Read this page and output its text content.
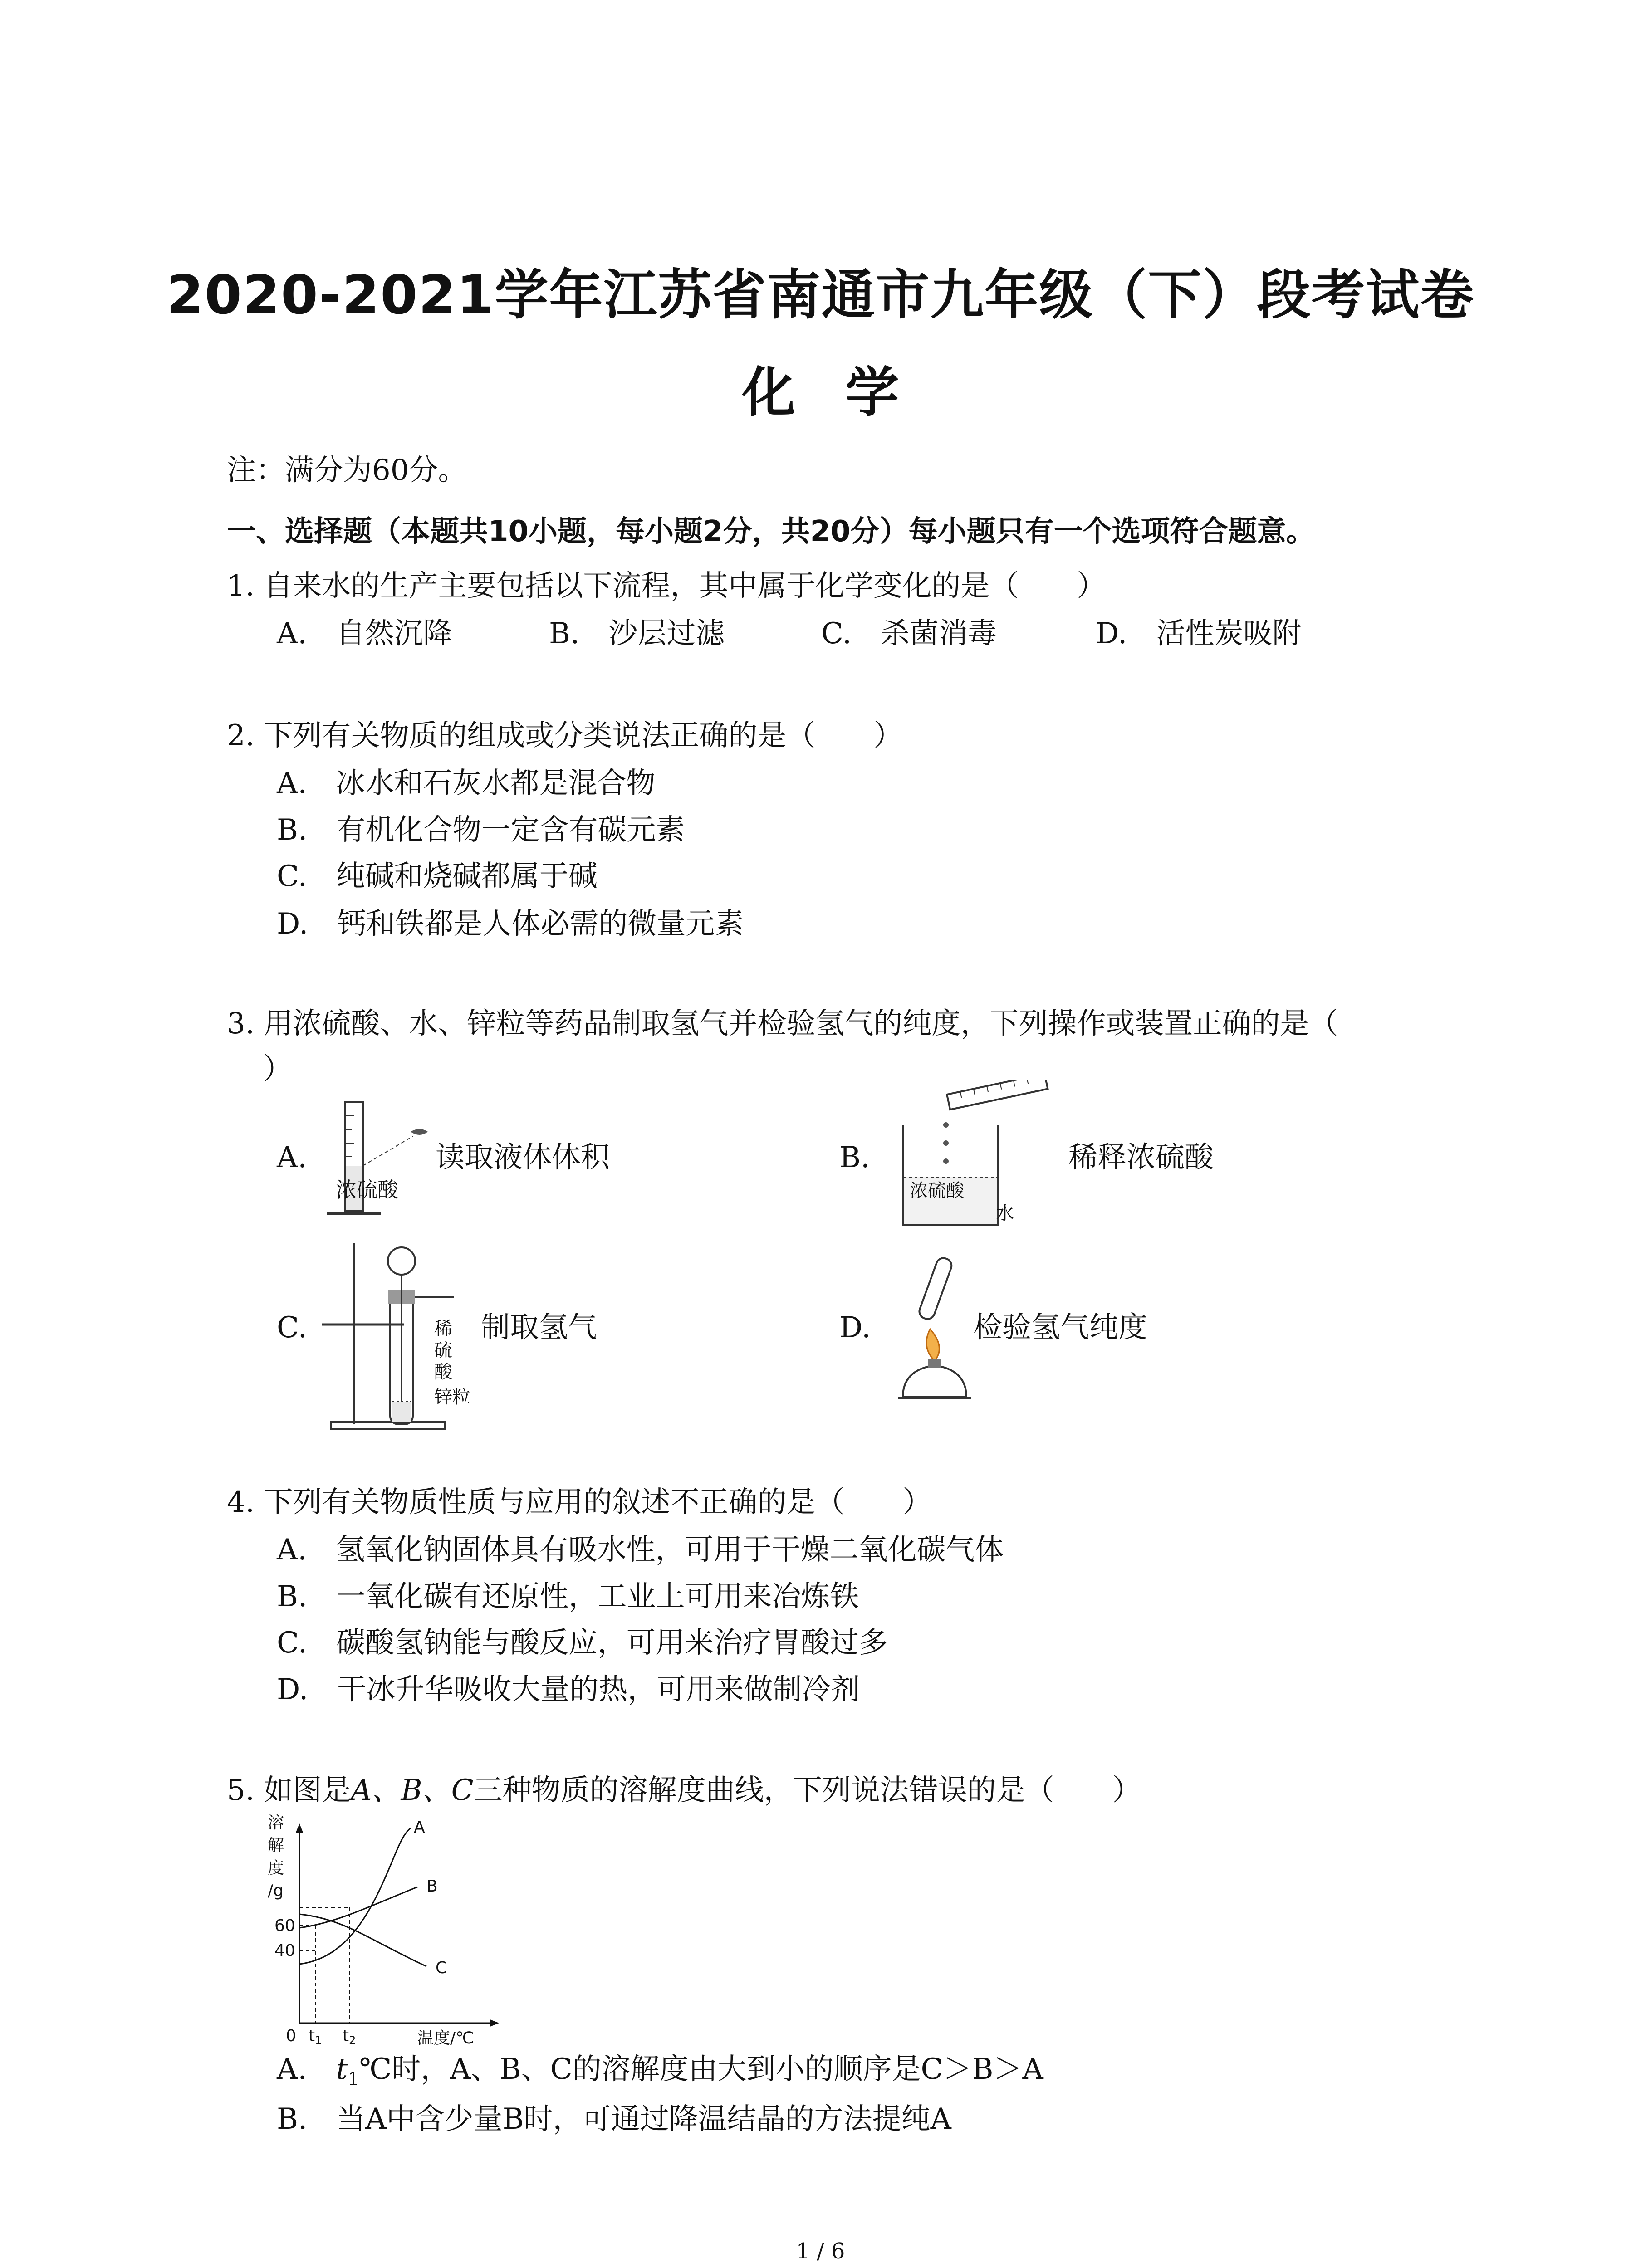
2020-2021学年江苏省南通市九年级（下）段考试卷
化学
注：满分为60分。
一、选择题（本题共10小题，每小题2分，共20分）每小题只有一个选项符合题意。
1. 自来水的生产主要包括以下流程，其中属于化学变化的是（　　）
A.　自然沉降	B.　沙层过滤	C.　杀菌消毒	D.　活性炭吸附
2. 下列有关物质的组成或分类说法正确的是（　　）
A.　冰水和石灰水都是混合物
B.　有机化合物一定含有碳元素
C.　纯碱和烧碱都属于碱
D.　钙和铁都是人体必需的微量元素
3. 用浓硫酸、水、锌粒等药品制取氢气并检验氢气的纯度，下列操作或装置正确的是（
）
A.
浓硫酸
读取液体体积	B.
浓硫酸
水
稀释浓硫酸
C.	稀
硫
酸
锌粒
制取氢气	D.	检验氢气纯度
4. 下列有关物质性质与应用的叙述不正确的是（　　）
A.　氢氧化钠固体具有吸水性，可用于干燥二氧化碳气体
B.　一氧化碳有还原性，工业上可用来冶炼铁
C.　碳酸氢钠能与酸反应，可用来治疗胃酸过多
D.　干冰升华吸收大量的热，可用来做制冷剂
5. 如图是A、B、C三种物质的溶解度曲线，下列说法错误的是（　　）
溶
解
度
/g
A
B
C
60
40
0 t1 t2	温度/℃
A.　$t_1℃$时，A、B、C的溶解度由大到小的顺序是C＞B＞A
B.　当A中含少量B时，可通过降温结晶的方法提纯A
1 / 6
